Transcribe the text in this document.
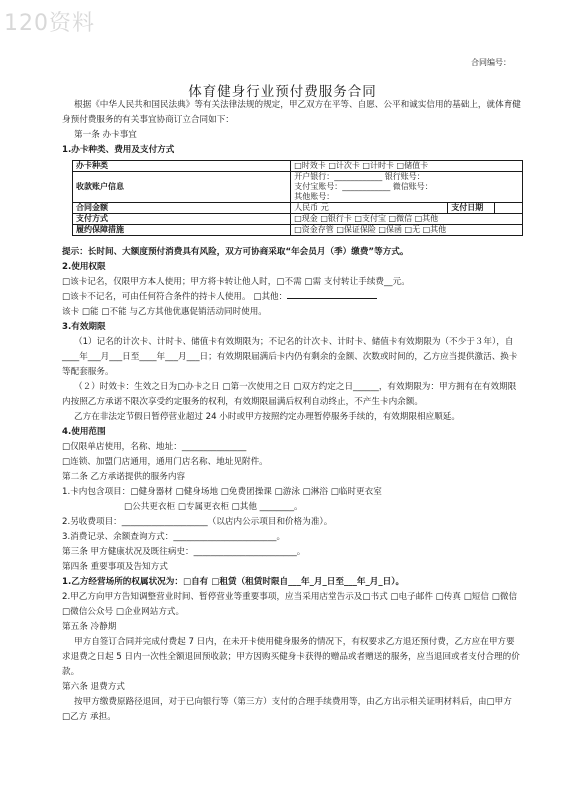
120资料
合同编号：
体育健身行业预付费服务合同

根据《中华人民共和国民法典》等有关法律法规的规定，甲乙双方在平等、自愿、公平和诚实信用的基础上，就体育健身预付费服务的有关事宜协商订立合同如下：

第一条 办卡事宜

1.办卡种类、费用及支付方式

办卡种类	□时效卡 □计次卡 □计时卡 □储值卡		
收款账户信息	开户银行：____________ 银行账号：
支付宝账号：____________ 微信账号：
其他账号：		

合同金额	人民币 元	支付日期	
支付方式	□现金 □银行卡 □支付宝 □微信 □其他		
履约保障措施	□资金存管 □保证保险 □保函 □无 □其他		

提示：长时间、大额度预付消费具有风险，双方可协商采取“年会员月（季）缴费”等方式。

2.使用权限

□该卡记名，仅限甲方本人使用；甲方将卡转让他人时，□不需 □需 支付转让手续费__元。

□该卡不记名，可由任何符合条件的持卡人使用。 □其他：

该卡 □能 □不能 与乙方其他优惠促销活动同时使用。

3.有效期限

（1）记名的计次卡、计时卡、储值卡有效期限为；不记名的计次卡、计时卡、储值卡有效期限为（不少于３年），自____年___月___日至____年___月___日；有效期限届满后卡内仍有剩余的金额、次数或时间的，乙方应当提供激活、换卡等配套服务。

（２）时效卡：生效之日为□办卡之日 □第一次使用之日 □双方约定之日______，有效期限为：甲方拥有在有效期限内按照乙方承诺不限次享受约定服务的权利，有效期限届满后权利自动终止，不产生卡内余额。

乙方在非法定节假日暂停营业超过 24 小时或甲方按照约定办理暂停服务手续的，有效期限相应顺延。

4.使用范围

□仅限单店使用，名称、地址：_______________

□连锁、加盟门店通用，通用门店名称、地址见附件。

第二条 乙方承诺提供的服务内容

1.卡内包含项目：□健身器材 □健身场地 □免费团操课 □游泳 □淋浴 □临时更衣室

□公共更衣柜 □专属更衣柜 □其他 ________。

2.另收费项目：____________________（以店内公示项目和价格为准）。

3.消费记录、余额查询方式：________________________。

第三条 甲方健康状况及既往病史：________________________。

第四条 重要事项及告知方式

1.乙方经营场所的权属状况为：□自有 □租赁（租赁时限自___年_月_日至___年_月_日）。

2.甲乙方向甲方告知调整营业时间、暂停营业等重要事项，应当采用店堂告示及□书式 □电子邮件 □传真 □短信 □微信 □微信公众号 □企业网站方式。

第五条 冷静期

甲方自签订合同并完成付费起 7 日内，在未开卡使用健身服务的情况下，有权要求乙方退还预付费，乙方应在甲方要求退费之日起 5 日内一次性全额退回预收款；甲方因购买健身卡获得的赠品或者赠送的服务，应当退回或者支付合理的价款。

第六条 退费方式

按甲方缴费原路径退回，对于已向银行等（第三方）支付的合理手续费用等，由乙方出示相关证明材料后，由□甲方 □乙方 承担。
